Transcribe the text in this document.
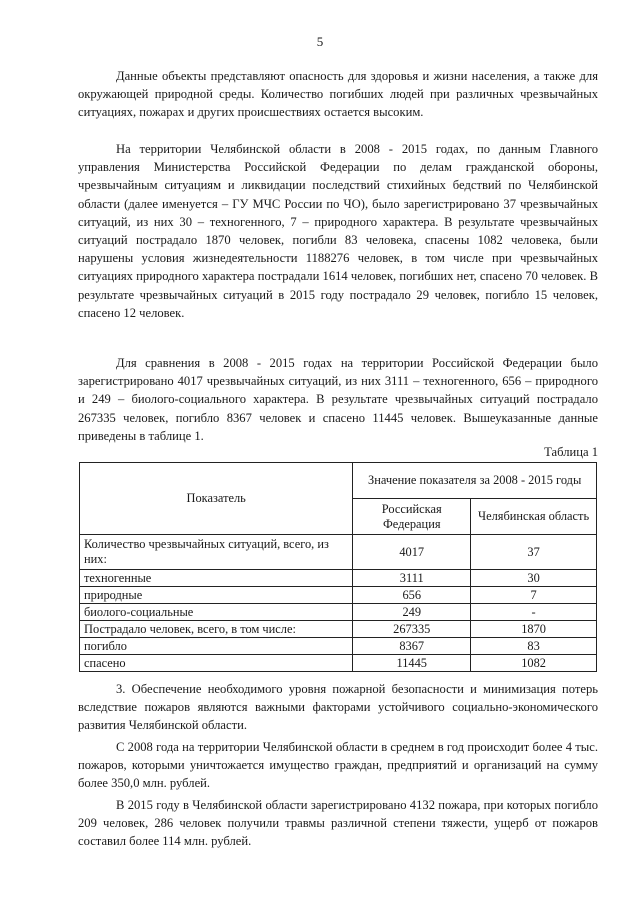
5

Данные объекты представляют опасность для здоровья и жизни населения, а также для окружающей природной среды. Количество погибших людей при различных чрезвычайных ситуациях, пожарах и других происшествиях остается высоким.

На территории Челябинской области в 2008 - 2015 годах, по данным Главного управления Министерства Российской Федерации по делам гражданской обороны, чрезвычайным ситуациям и ликвидации последствий стихийных бедствий по Челябинской области (далее именуется – ГУ МЧС России по ЧО), было зарегистрировано 37 чрезвычайных ситуаций, из них 30 – техногенного, 7 – природного характера. В результате чрезвычайных ситуаций пострадало 1870 человек, погибли 83 человека, спасены 1082 человека, были нарушены условия жизнедеятельности 1188276 человек, в том числе при чрезвычайных ситуациях природного характера пострадали 1614 человек, погибших нет, спасено 70 человек. В результате чрезвычайных ситуаций в 2015 году пострадало 29 человек, погибло 15 человек, спасено 12 человек.

Для сравнения в 2008 - 2015 годах на территории Российской Федерации было зарегистрировано 4017 чрезвычайных ситуаций, из них 3111 – техногенного, 656 – природного и 249 – биолого-социального характера. В результате чрезвычайных ситуаций пострадало 267335 человек, погибло 8367 человек и спасено 11445 человек. Вышеуказанные данные приведены в таблице 1.

Таблица 1
Показатель	Значение показателя за 2008 - 2015 годы	
	Российская Федерация	Челябинская область
Количество чрезвычайных ситуаций, всего, из них:	4017	37
техногенные	3111	30
природные	656	7
биолого-социальные	249	-
Пострадало человек, всего, в том числе:	267335	1870
погибло	8367	83
спасено	11445	1082

3. Обеспечение необходимого уровня пожарной безопасности и минимизация потерь вследствие пожаров являются важными факторами устойчивого социально-экономического развития Челябинской области.

С 2008 года на территории Челябинской области в среднем в год происходит более 4 тыс. пожаров, которыми уничтожается имущество граждан, предприятий и организаций на сумму более 350,0 млн. рублей.

В 2015 году в Челябинской области зарегистрировано 4132 пожара, при которых погибло 209 человек, 286 человек получили травмы различной степени тяжести, ущерб от пожаров составил более 114 млн. рублей.
